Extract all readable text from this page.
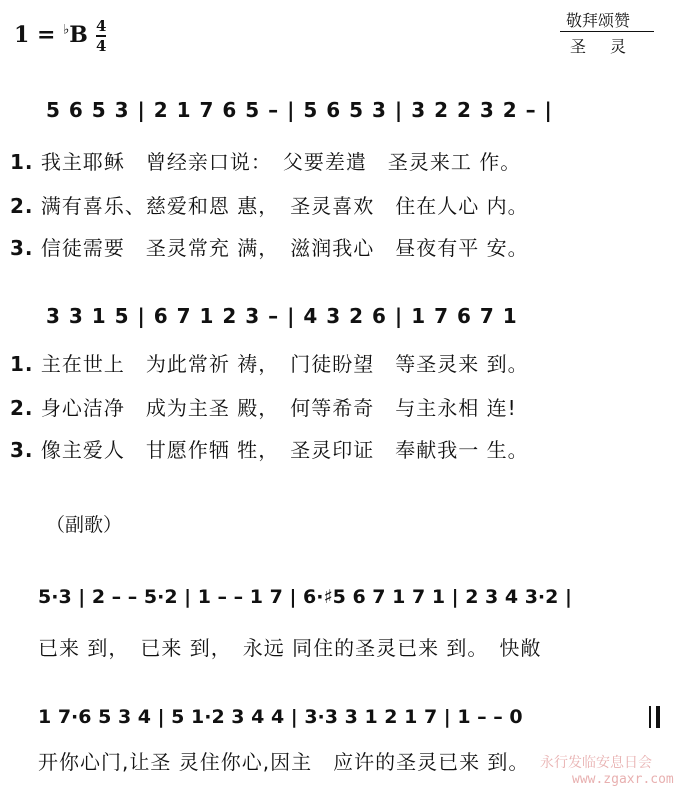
1 = ♭B 4
4
敬拜颂赞
圣灵
5 6 5 3 | 2 1 7 6 5 – | 5 6 5 3 | 3 2 2 3 2 – |
1. 我主耶稣　曾经亲口说：　父要差遣　圣灵来工 作。
2. 满有喜乐、慈爱和恩 惠，　圣灵喜欢　住在人心 内。
3. 信徒需要　圣灵常充 满，　滋润我心　昼夜有平 安。
3 3 1 5 | 6 7 1 2 3 – | 4 3 2 6 | 1 7 6 7 1
1. 主在世上　为此常祈 祷，　门徒盼望　等圣灵来 到。
2. 身心洁净　成为主圣 殿，　何等希奇　与主永相 连!
3. 像主爱人　甘愿作牺 牲，　圣灵印证　奉献我一 生。
（副歌）
5·3 | 2 – – 5·2 | 1 – – 1 7 | 6·♯5 6 7 1 7 1 | 2 3 4 3·2 |
已来 到，　已来 到，　永远 同住的圣灵已来 到。　快敞
1 7·6 5 3 4 | 5 1·2 3 4 4 | 3·3 3 1 2 1 7 | 1 – – 0
开你心门,让圣 灵住你心,因主　应许的圣灵已来 到。 永行发临安息日会
www.zgaxr.com
